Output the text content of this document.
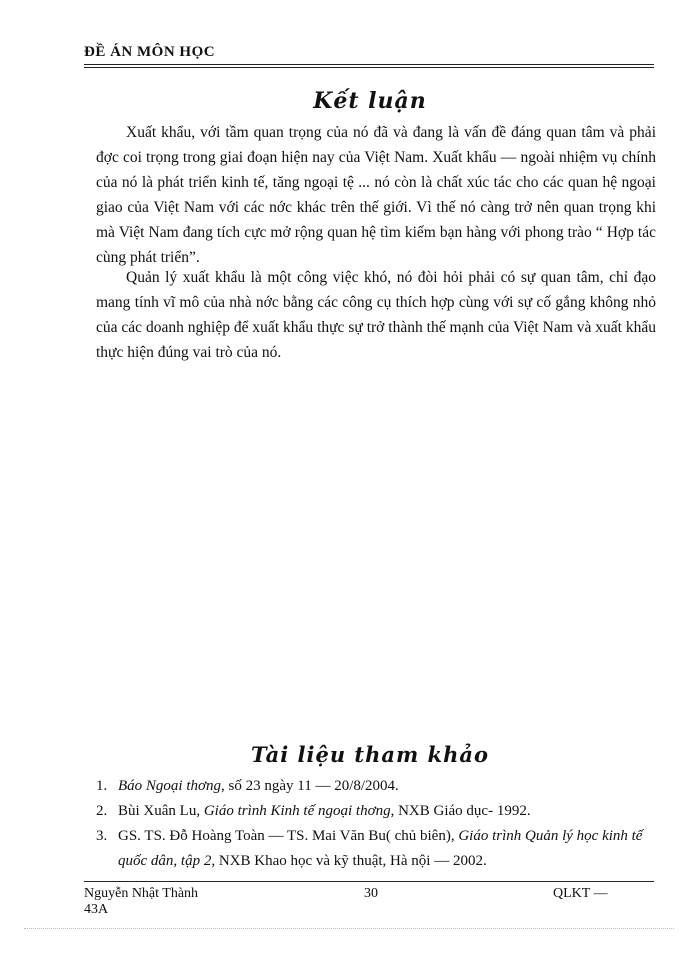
ĐỀ ÁN MÔN HỌC
Kết luận

Xuất khẩu, với tầm quan trọng của nó đã và đang là vấn đề đáng quan tâm và phải đợc coi trọng trong giai đoạn hiện nay của Việt Nam. Xuất khẩu — ngoài nhiệm vụ chính của nó là phát triển kinh tế, tăng ngoại tệ ... nó còn là chất xúc tác cho các quan hệ ngoại giao của Việt Nam với các nớc khác trên thế giới. Vì thế nó càng trở nên quan trọng khi mà Việt Nam đang tích cực mở rộng quan hệ tìm kiếm bạn hàng với phong trào “ Hợp tác cùng phát triển”.

Quản lý xuất khẩu là một công việc khó, nó đòi hỏi phải có sự quan tâm, chỉ đạo mang tính vĩ mô của nhà nớc bằng các công cụ thích hợp cùng với sự cố gắng không nhỏ của các doanh nghiệp để xuất khẩu thực sự trở thành thế mạnh của Việt Nam và xuất khẩu thực hiện đúng vai trò của nó.

Tài liệu tham khảo
1. Báo Ngoại thơng, số 23 ngày 11 — 20/8/2004.
2. Bùi Xuân Lu, Giáo trình Kinh tế ngoại thơng, NXB Giáo dục- 1992.
3. GS. TS. Đỗ Hoàng Toàn — TS. Mai Văn Bu( chủ biên), Giáo trình Quản lý học kinh tế quốc dân, tập 2, NXB Khao học và kỹ thuật, Hà nội — 2002.
Nguyễn Nhật Thành 43A
30	QLKT —
